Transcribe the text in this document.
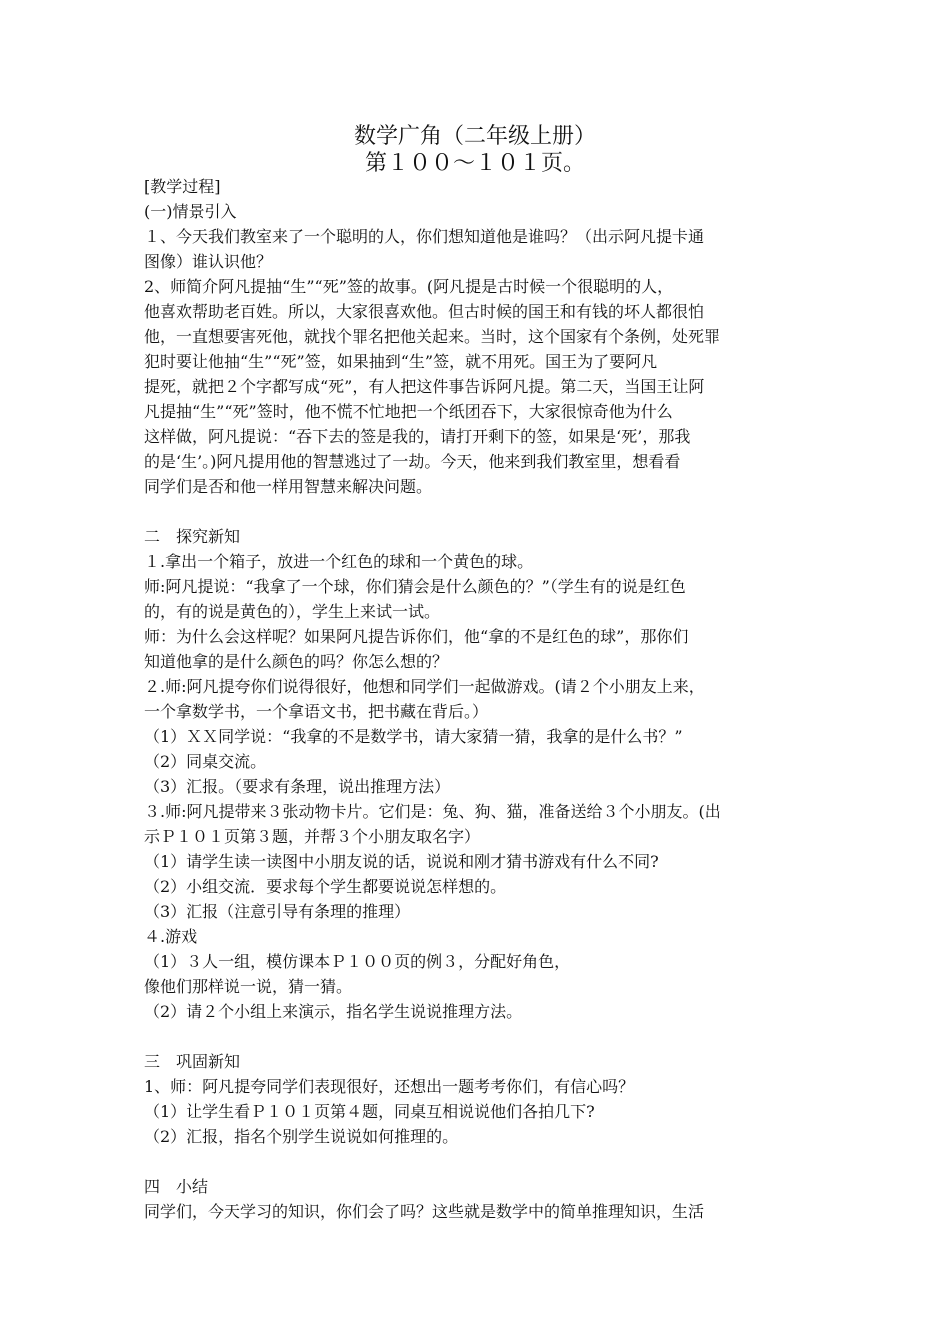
数学广角（二年级上册）
第１００～１０１页。

[教学过程]

(一)情景引入

１、今天我们教室来了一个聪明的人，你们想知道他是谁吗？（出示阿凡提卡通

图像）谁认识他？

2、师简介阿凡提抽“生”“死”签的故事。(阿凡提是古时候一个很聪明的人，

他喜欢帮助老百姓。所以，大家很喜欢他。但古时候的国王和有钱的坏人都很怕

他，一直想要害死他，就找个罪名把他关起来。当时，这个国家有个条例，处死罪

犯时要让他抽“生”“死”签，如果抽到“生”签，就不用死。国王为了要阿凡

提死，就把２个字都写成“死”，有人把这件事告诉阿凡提。第二天，当国王让阿

凡提抽“生”“死”签时，他不慌不忙地把一个纸团吞下，大家很惊奇他为什么

这样做，阿凡提说：“吞下去的签是我的，请打开剩下的签，如果是‘死’，那我

的是‘生’。)阿凡提用他的智慧逃过了一劫。今天，他来到我们教室里，想看看

同学们是否和他一样用智慧来解决问题。

二　探究新知

１.拿出一个箱子，放进一个红色的球和一个黄色的球。

师:阿凡提说：“我拿了一个球，你们猜会是什么颜色的？”（学生有的说是红色

的，有的说是黄色的），学生上来试一试。

师：为什么会这样呢？如果阿凡提告诉你们，他“拿的不是红色的球”，那你们

知道他拿的是什么颜色的吗？你怎么想的？

２.师:阿凡提夸你们说得很好，他想和同学们一起做游戏。(请２个小朋友上来，

一个拿数学书，一个拿语文书，把书藏在背后。）

（1）ＸＸ同学说：“我拿的不是数学书，请大家猜一猜，我拿的是什么书？”

（2）同桌交流。

（3）汇报。（要求有条理，说出推理方法）

３.师:阿凡提带来３张动物卡片。它们是：兔、狗、猫，准备送给３个小朋友。(出

示Ｐ１０１页第３题，并帮３个小朋友取名字）

（1）请学生读一读图中小朋友说的话，说说和刚才猜书游戏有什么不同?

（2）小组交流．要求每个学生都要说说怎样想的。

（3）汇报（注意引导有条理的推理）

４.游戏

（1）３人一组，模仿课本Ｐ１００页的例３，分配好角色，

像他们那样说一说，猜一猜。

（2）请２个小组上来演示，指名学生说说推理方法。

三　巩固新知

1、师：阿凡提夸同学们表现很好，还想出一题考考你们，有信心吗？

（1）让学生看Ｐ１０１页第４题，同桌互相说说他们各拍几下?

（2）汇报，指名个别学生说说如何推理的。

四　小结

同学们，今天学习的知识，你们会了吗？这些就是数学中的简单推理知识，生活
